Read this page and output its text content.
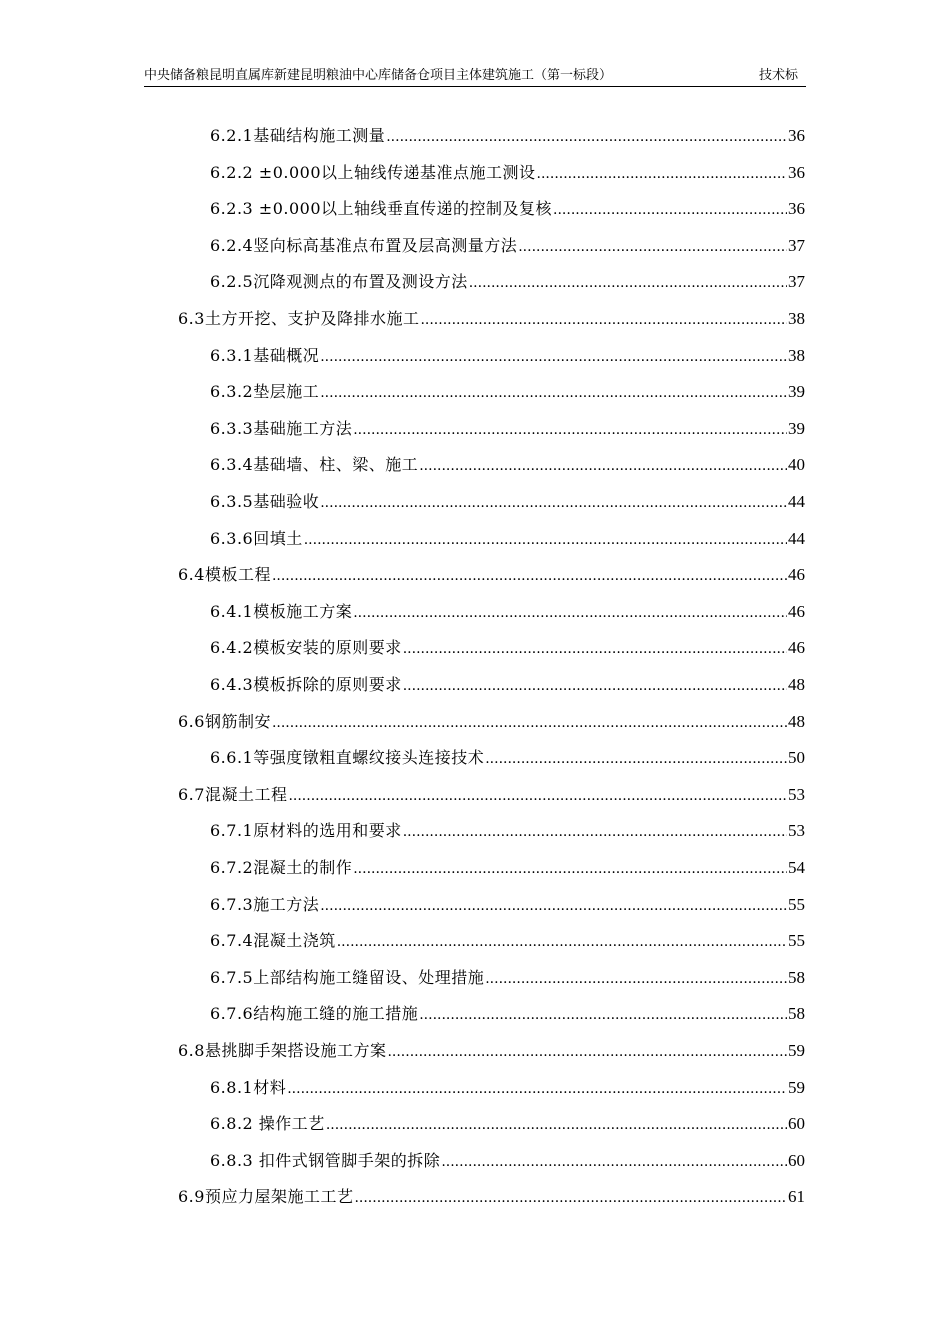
中央储备粮昆明直属库新建昆明粮油中心库储备仓项目主体建筑施工（第一标段）	技术标
6.2.1基础结构施工测量 .....	36
6.2.2 ±0.000以上轴线传递基准点施工测设 .....	36
6.2.3 ±0.000以上轴线垂直传递的控制及复核 .....	36
6.2.4竖向标高基准点布置及层高测量方法 .....	37
6.2.5沉降观测点的布置及测设方法 .....	37
6.3土方开挖、支护及降排水施工 .....	38
6.3.1基础概况 .....	38
6.3.2垫层施工 .....	39
6.3.3基础施工方法 .....	39
6.3.4基础墙、柱、梁、施工 .....	40
6.3.5基础验收 .....	44
6.3.6回填土 .....	44
6.4模板工程 .....	46
6.4.1模板施工方案 .....	46
6.4.2模板安装的原则要求 .....	46
6.4.3模板拆除的原则要求 .....	48
6.6钢筋制安 .....	48
6.6.1等强度镦粗直螺纹接头连接技术 .....	50
6.7混凝土工程 .....	53
6.7.1原材料的选用和要求 .....	53
6.7.2混凝土的制作 .....	54
6.7.3施工方法 .....	55
6.7.4混凝土浇筑 .....	55
6.7.5上部结构施工缝留设、处理措施 .....	58
6.7.6结构施工缝的施工措施 .....	58
6.8悬挑脚手架搭设施工方案 .....	59
6.8.1材料 .....	59
6.8.2 操作工艺 .....	60
6.8.3 扣件式钢管脚手架的拆除 .....	60
6.9预应力屋架施工工艺 .....	61
